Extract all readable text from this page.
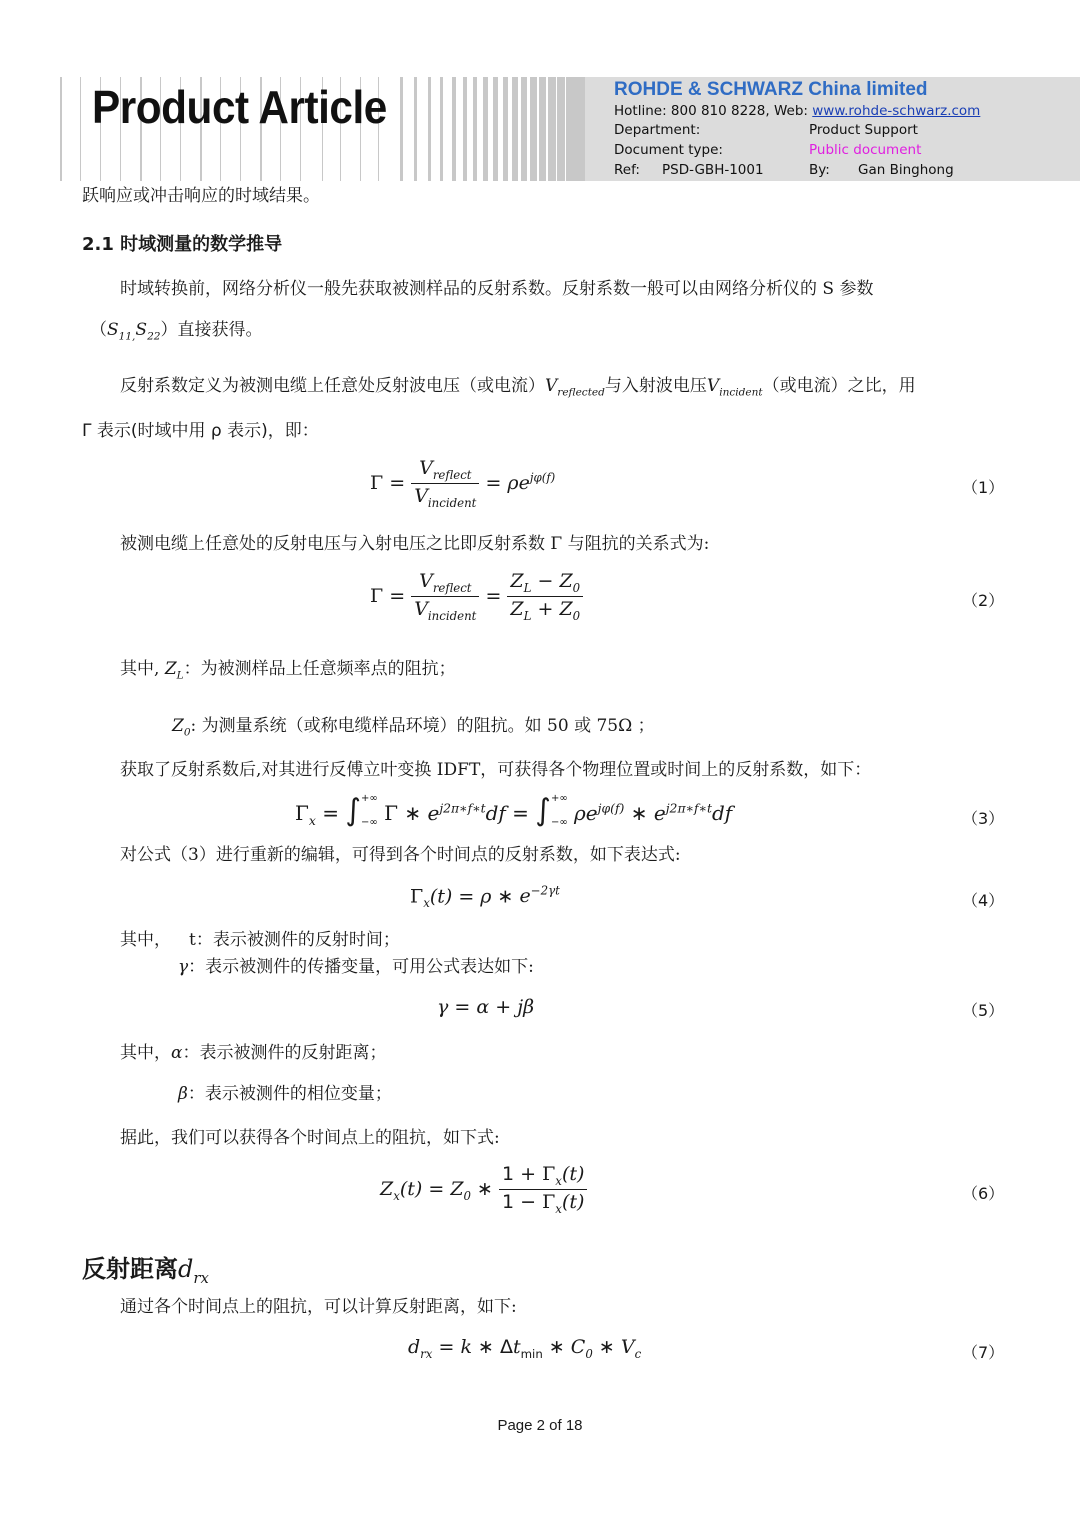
Product Article	ROHDE & SCHWARZ China limited
Hotline: 800 810 8228, Web: www.rohde-schwarz.com
Department:	Product Support
Document type:	Public document
Ref: PSD-GBH-1001	By: Gan Binghong
跃响应或冲击响应的时域结果。
2.1 时域测量的数学推导
时域转换前，网络分析仪一般先获取被测样品的反射系数。反射系数一般可以由网络分析仪的 S 参数
$(S_{11,}S_{22})$直接获得。
反射系数定义为被测电缆上任意处反射波电压（或电流）$V_{reflected}$与入射波电压$V_{incident}$（或电流）之比，用
Γ 表示(时域中用 ρ 表示)，即：
$\Gamma = \frac{V_{reflect}}{V_{incident}} = \rho e^{j\varphi(f)}$
（1）
被测电缆上任意处的反射电压与入射电压之比即反射系数 Γ 与阻抗的关系式为:
$\Gamma = \frac{V_{reflect}}{V_{incident}} = \frac{Z_L - Z_0}{Z_L + Z_0}$	（2）
其中, $Z_L$：为被测样品上任意频率点的阻抗；
$Z_0$: 为测量系统（或称电缆样品环境）的阻抗。如 50 或 75Ω ；
获取了反射系数后,对其进行反傅立叶变换 IDFT，可获得各个物理位置或时间上的反射系数，如下：
$\Gamma_x$ = ∫+∞

−∞ Γ ∗ $e^{j2\pi∗f∗t}df$ = ∫+∞

−∞ $\rho e^{j\varphi(f)}$ ∗ $e^{j2\pi∗f∗t}df$	（3）
对公式（3）进行重新的编辑，可得到各个时间点的反射系数，如下表达式:
$\Gamma_x(t) = \rho$ ∗ $e^{-2\gamma t}$	（4）
其中， t：表示被测件的反射时间；
γ：表示被测件的传播变量，可用公式表达如下:
γ = α + jβ	（5）
其中，α：表示被测件的反射距离；
β：表示被测件的相位变量；
据此，我们可以获得各个时间点上的阻抗，如下式:
$Z_x(t) = Z_0$ ∗ $\frac{1 + \Gamma_x(t)}{1 - \Gamma_x(t)}$	（6）
反射距离$d_{rx}$
通过各个时间点上的阻抗，可以计算反射距离，如下:
$d_{rx} = k$ ∗ $\Delta t_{min}$ ∗ $C_0$ ∗ $V_c$	（7）
Page 2 of 18
